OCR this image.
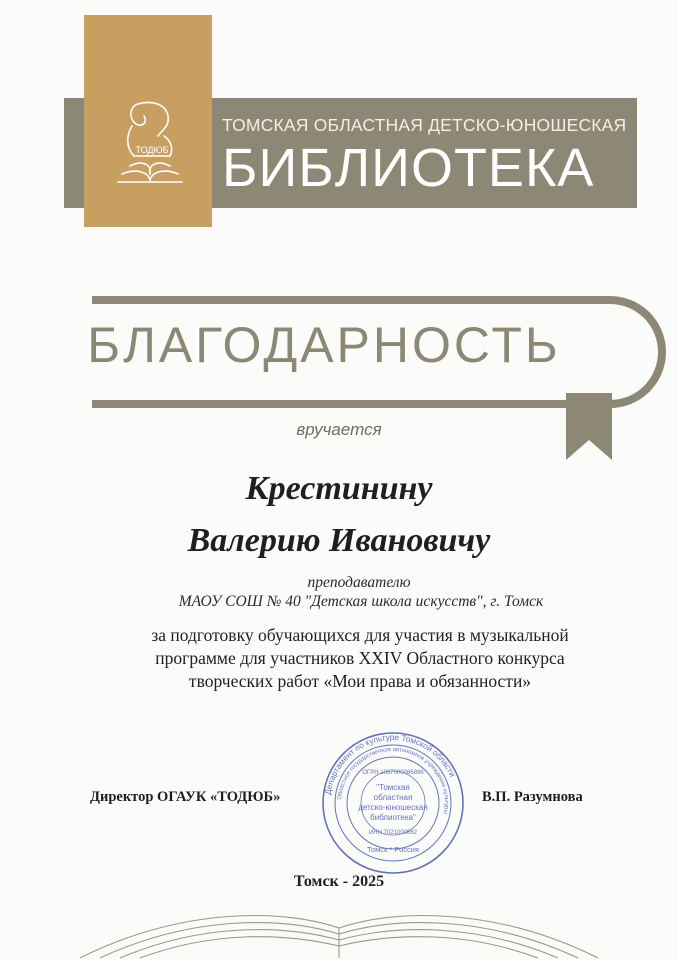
ТОДЮБ
ТОМСКАЯ ОБЛАСТНАЯ ДЕТСКО-ЮНОШЕСКАЯ
БИБЛИОТЕКА
БЛАГОДАРНОСТЬ
вручается
Крестинину
Валерию Ивановичу
преподавателю
МАОУ СОШ № 40 "Детская школа искусств", г. Томск
за подготовку обучающихся для участия в музыкальной
программе для участников XXIV Областного конкурса
творческих работ «Мои права и обязанности»
Департамент по культуре Томской области
Областное государственное автономное учреждение культуры
ОГРН 1037000086886
"Томская
областная
детско-юношеская
библиотека"
ИНН 7021000862
Томск * Россия
Директор ОГАУК «ТОДЮБ»	В.П. Разумнова
Томск - 2025
